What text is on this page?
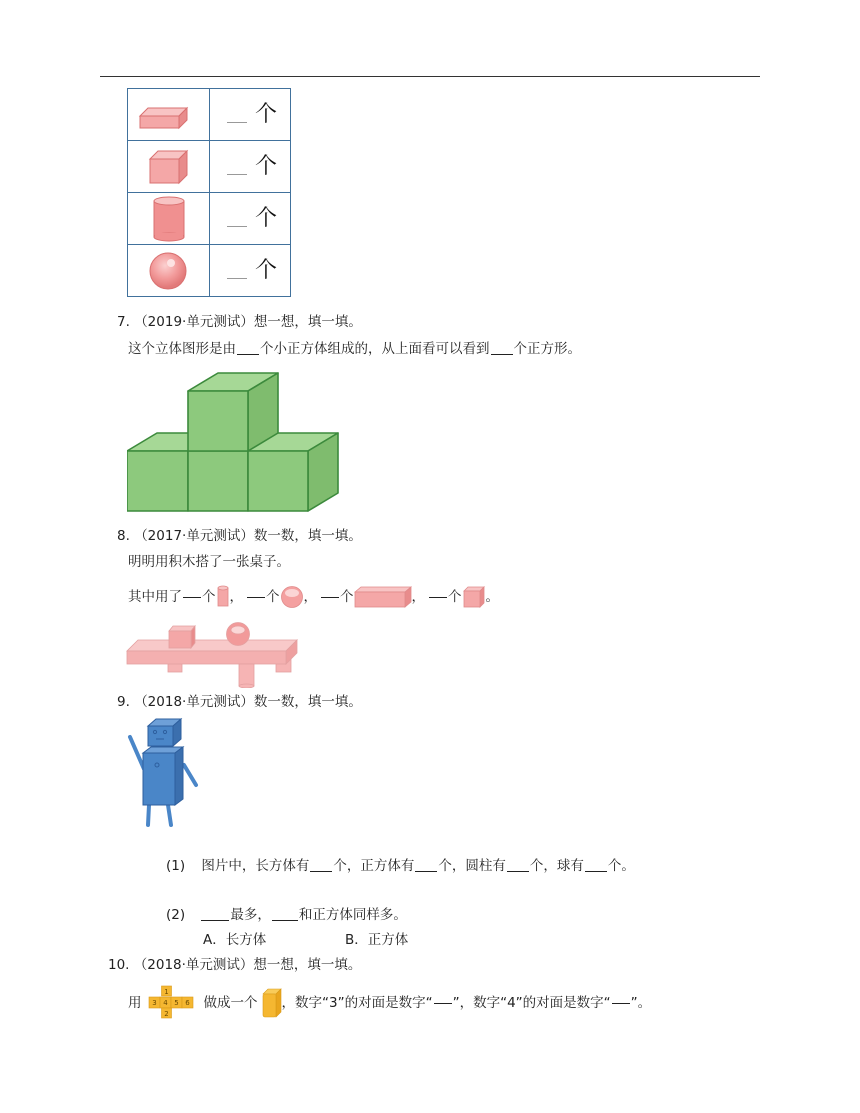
	个

	个

	个

	个
7. （2019·单元测试）想一想，填一填。
这个立体图形是由 个小正方体组成的，从上面看可以看到 个正方形。
8. （2017·单元测试）数一数，填一填。
明明用积木搭了一张桌子。
其中用了 个 ， 个 ， 个	， 个 。
9. （2018·单元测试）数一数，填一填。
(1) 图片中，长方体有 个，正方体有 个，圆柱有 个，球有 个。
(2)	最多， 和正方体同样多。
A．长方体	B．正方体
10. （2018·单元测试）想一想，填一填。
用
1
3 4 5 6
2
做成一个 ，数字“3”的对面是数字“ ”，数字“4”的对面是数字“ ”。
